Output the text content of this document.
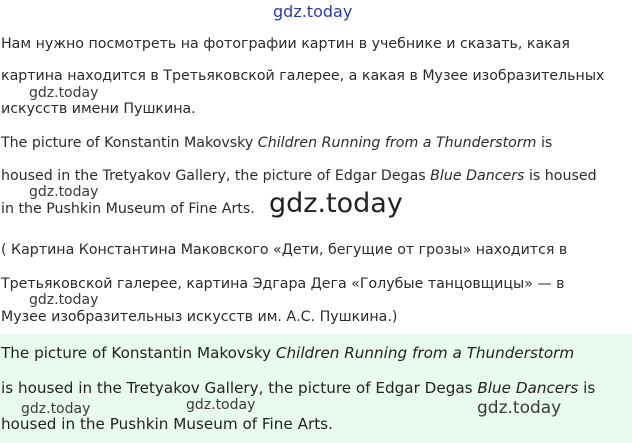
gdz.today
Нам нужно посмотреть на фотографии картин в учебнике и сказать, какая
картина находится в Третьяковской галерее, а какая в Музее изобразительных
gdz.today
искусств имени Пушкина.
The picture of Konstantin Makovsky Children Running from a Thunderstorm is
housed in the Tretyakov Gallery, the picture of Edgar Degas Blue Dancers is housed
gdz.today
in the Pushkin Museum of Fine Arts. gdz.today
( Картина Константина Маковского «Дети, бегущие от грозы» находится в
Третьяковской галерее, картина Эдгара Дега «Голубые танцовщицы» — в
gdz.today
Музее изобразительныз искусств им. А.С. Пушкина.)
The picture of Konstantin Makovsky Children Running from a Thunderstorm
is housed in the Tretyakov Gallery, the picture of Edgar Degas Blue Dancers is
gdz.today	gdz.today	gdz.today
housed in the Pushkin Museum of Fine Arts.
